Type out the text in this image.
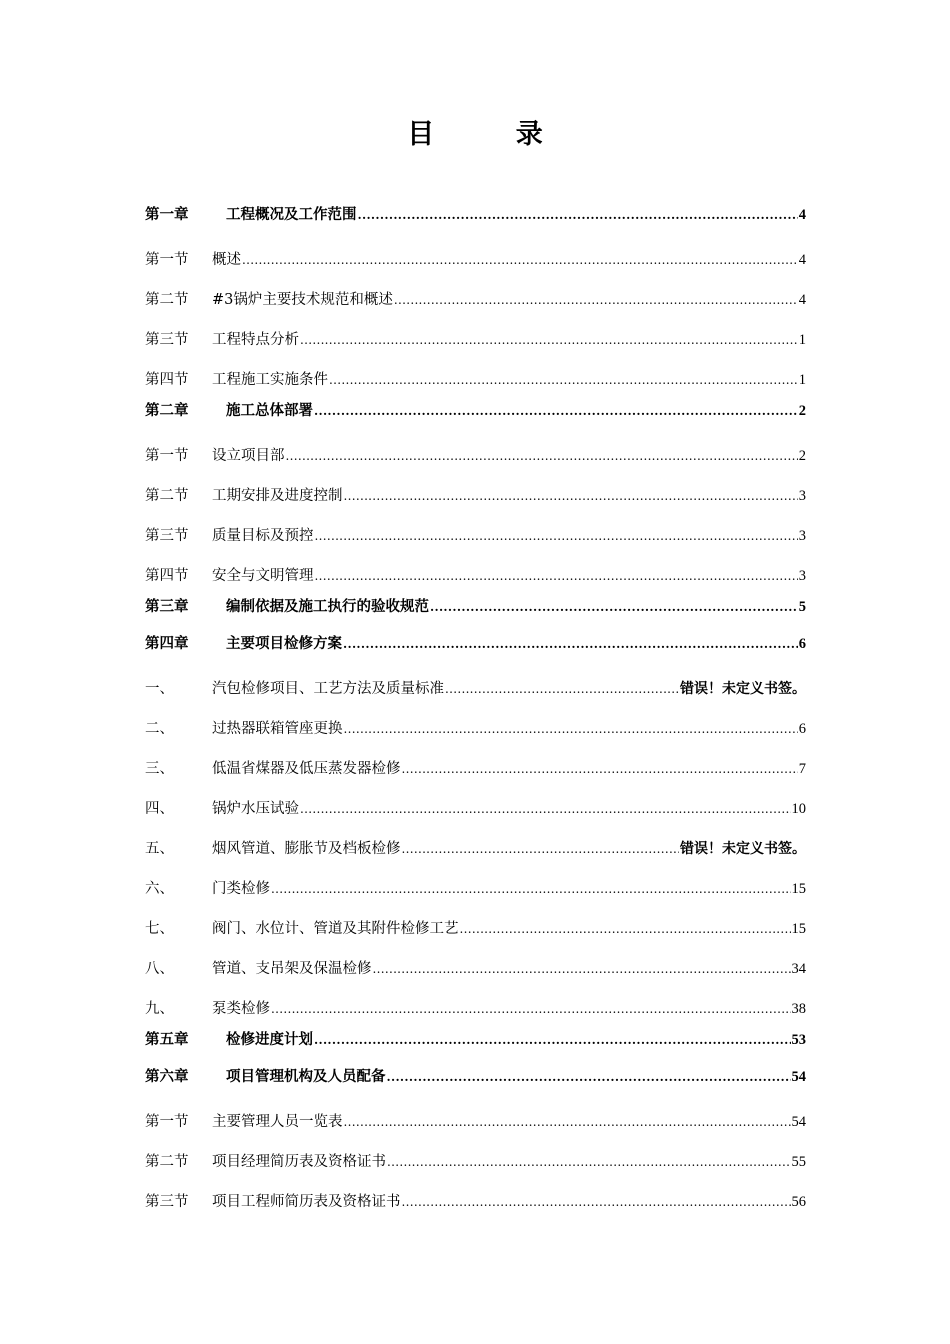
目 录
第一章	工程概况及工作范围 .....	4
第一节	概述 .....	4
第二节	#3锅炉主要技术规范和概述 .....	4
第三节	工程特点分析 .....	1
第四节	工程施工实施条件 .....	1
第二章	施工总体部署 .....	2
第一节	设立项目部 .....	2
第二节	工期安排及进度控制 .....	3
第三节	质量目标及预控 .....	3
第四节	安全与文明管理 .....	3
第三章	编制依据及施工执行的验收规范 .....	5
第四章	主要项目检修方案 .....	6
一、	汽包检修项目、工艺方法及质量标准 .....	错误！未定义书签。
二、	过热器联箱管座更换 .....	6
三、	低温省煤器及低压蒸发器检修 .....	7
四、	锅炉水压试验 .....	10
五、	烟风管道、膨胀节及档板检修 .....	错误！未定义书签。
六、	门类检修 .....	15
七、	阀门、水位计、管道及其附件检修工艺 .....	15
八、	管道、支吊架及保温检修 .....	34
九、	泵类检修 .....	38
第五章	检修进度计划 .....	53
第六章	项目管理机构及人员配备 .....	54
第一节	主要管理人员一览表 .....	54
第二节	项目经理简历表及资格证书 .....	55
第三节	项目工程师简历表及资格证书 .....	56
